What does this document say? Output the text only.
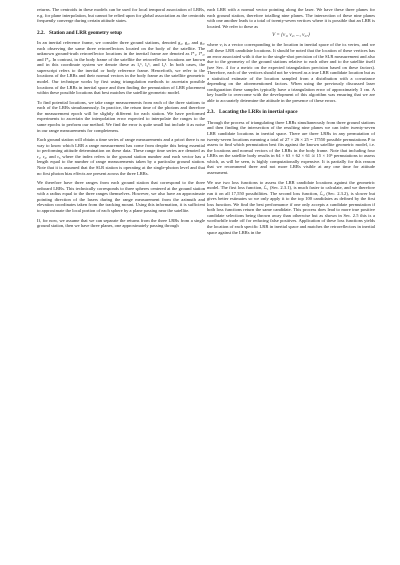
returns. The centroids in these models can be used for local temporal association of LRRs, e.g. for plane interpolation, but cannot be relied upon for global association as the centroids frequently converge during certain attitude states.

2.2. Station and LRR geometry setup

In an inertial reference frame, we consider three ground stations, denoted g₁, g₂, and g₃, each observing the same three retroreflectors located on the body of the satellite. The unknown ground-truth retroreflector locations in the inertial frame are denoted as l*₁, l*₂, and l*₃. In contrast, in the body frame of the satellite the retroreflector locations are known and in this coordinate system we denote these as l₁ᵇ, l₂ᵇ, and l₃ᵇ. In both cases, the superscript refers to the inertial or body reference frame. Henceforth, we refer to the locations of the LRRs and their normal vectors in the body frame as the satellite geometric model. Our technique works by first using triangulation methods to ascertain possible locations of the LRRs in inertial space and then finding the permutation of LRR placement within these possible locations that best matches the satellite geometric model.

To find potential locations, we take range measurements from each of the three stations to each of the LRRs simultaneously. In practice, the return time of the photons and therefore the measurement epoch will be slightly different for each station. We have performed experiments to ascertain the interpolation error expected to interpolate the ranges to the same epochs to perform our method. We find the error is quite small but include it as noise in our range measurements for completeness.

Each ground station will obtain a time series of range measurements and a priori there is no way to know which LRR a range measurement has come from despite this being essential to performing attitude determination on these data. These range time series are denoted as r₁, r₂, and r₃ where the index refers to the ground station number and each vector has a length equal to the number of range measurements taken by a particular ground station. Note that it is assumed that the SLR station is operating at the single-photon level and that no first photon bias effects are present across the three LRRs.

We therefore have three ranges from each ground station that correspond to the three onboard LRRs. This technically corresponds to three spheres centered at the ground station with a radius equal to the three ranges themselves. However, we also have an approximate pointing direction of the lasers during the range measurement from the azimuth and elevation coordinates taken from the tracking mount. Using this information, it is sufficient to approximate the local portion of each sphere by a plane passing near the satellite.

If, for now, we assume that we can separate the returns from the three LRRs from a single ground station, then we have three planes, one approximately passing through

each LRR with a normal vector pointing along the laser. We have these three planes for each ground station, therefore totalling nine planes. The intersection of these nine planes with one another leads to a total of twenty-seven vertices where it is possible that an LRR is located. We refer to these as

V = {v₁, v₂, ..., v₂₇}

where vᵢ is a vector corresponding to the location in inertial space of the iₜₕ vertex, and we call these LRR candidate locations. It should be noted that the location of these vertices has an error associated with it due to the single-shot precision of the SLR measurement and also due to the geometry of the ground stations relative to each other and to the satellite itself (see Sec. 4 for a metric on the expected triangulation precision based on these factors). Therefore, each of the vertices should not be viewed as a true LRR candidate location but as a statistical estimate of the location sampled from a distribution with a covariance depending on the aforementioned factors. When using the previously discussed laser configuration these samples typically have a triangulation error of approximately 3 cm. A key hurdle to overcome with the development of this algorithm was ensuring that we are able to accurately determine the attitude in the presence of these errors.

2.3. Locating the LRRs in inertial space

Through the process of triangulating three LRRs simultaneously from three ground stations and then finding the intersection of the resulting nine planes we can infer twenty-seven LRR candidate locations in inertial space. There are three LRRs in any permutation of twenty-seven locations meaning a total of 27 × 26 × 25 = 17550 possible permutations P to assess to find which permutation best fits against the known satellite geometric model, i.e. the locations and normal vectors of the LRRs in the body frame. Note that including four LRRs on the satellite body results in 64 × 63 × 62 × 61 ≃ 15 × 10⁶ permutations to assess which, as will be seen, is highly computationally expensive. It is partially for this reason that we recommend three and not more LRRs visible at any one time for attitude assessment.

We use two loss functions to assess the LRR candidate locations against the geometric model. The first loss function, ℒ₁ (Sec. 2.3.1), is much faster to calculate, and we therefore run it on all 17,550 possibilities. The second loss function, ℒ₂ (Sec. 2.3.2), is slower but gives better estimates so we only apply it to the top 100 candidates as defined by the first loss function. We find the best performance if one only accepts a candidate permutation if both loss functions return the same candidate. This process does lead to more true positive candidate selections being thrown away than otherwise but as shown in Sec. 2.5 this is a worthwhile trade off for reducing false positives. Application of these loss functions yields the location of each specific LRR in inertial space and matches the retroreflectors in inertial space against the LRRs in the
